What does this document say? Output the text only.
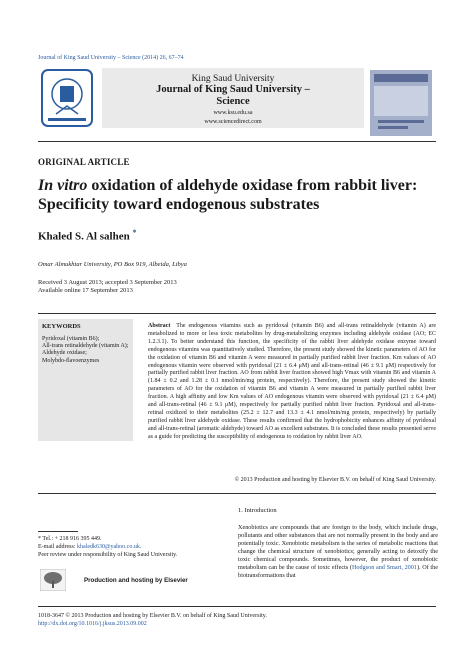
Journal of King Saud University – Science (2014) 26, 67–74
King Saud University
Journal of King Saud University –
Science
www.ksu.edu.sa
www.sciencedirect.com
ORIGINAL ARTICLE
In vitro oxidation of aldehyde oxidase from rabbit liver: Specificity toward endogenous substrates
Khaled S. Al salhen *
Omar Almukhtar University, PO Box 919, Albeida, Libya
Received 3 August 2013; accepted 3 September 2013
Available online 17 September 2013
KEYWORDS
Pyridoxal (vitamin B6);
All-trans retinaldehyde (vitamin A);
Aldehyde oxidase;
Molybdo-flavoenzymes
Abstract The endogenous vitamins such as pyridoxal (vitamin B6) and all-trans retinaldehyde (vitamin A) are metabolized to more or less toxic metabolites by drug-metabolizing enzymes including aldehyde oxidase (AO; EC 1.2.3.1). To better understand this function, the specificity of the rabbit liver aldehyde oxidase enzyme toward endogenous vitamins was quantitatively studied. Therefore, the present study showed the kinetic parameters of AO for the oxidation of vitamin B6 and vitamin A were measured in partially purified rabbit liver fraction. Km values of AO endogenous vitamin were observed with pyridoxal (21 ± 6.4 μM) and all-trans-retinal (46 ± 9.1 μM) respectively for partially purified rabbit liver fraction. AO from rabbit liver fraction showed high Vmax with vitamin B6 and vitamin A (1.84 ± 0.2 and 1.28 ± 0.1 nmol/min/mg protein, respectively). Therefore, the present study showed the kinetic parameters of AO for the oxidation of vitamin B6 and vitamin A were measured in partially purified rabbit liver fraction. A high affinity and low Km values of AO endogenous vitamin were observed with pyridoxal (21 ± 6.4 μM) and all-trans-retinal (46 ± 9.1 μM), respectively for partially purified rabbit liver fraction. Pyridoxal and all-trans-retinal oxidized to their metabolites (25.2 ± 12.7 and 13.3 ± 4.1 nmol/min/mg protein, respectively) by partially purified rabbit liver aldehyde oxidase. These results confirmed that the hydrophobicity enhances affinity of pyridoxal and all-trans-retinal (aromatic aldehyde) toward AO as excellent substrates. It is concluded these results presented serve as a guide for predicting the susceptibility of endogenous to oxidation by rabbit liver AO.
© 2013 Production and hosting by Elsevier B.V. on behalf of King Saud University.
1. Introduction
Xenobiotics are compounds that are foreign to the body, which include drugs, pollutants and other substances that are not normally present in the body and are potentially toxic. Xenobiotic metabolism is the series of metabolic reactions that change the chemical structure of xenobiotics; generally acting to detoxify the toxic chemical compounds. Sometimes, however, the product of xenobiotic metabolism can be the cause of toxic effects (Hodgson and Smart, 2001). Of the biotransformations that
* Tel.: + 218 916 395 449.
E-mail address: khaledk630@yahoo.co.uk.
Peer review under responsibility of King Saud University.
Production and hosting by Elsevier
1018-3647 © 2013 Production and hosting by Elsevier B.V. on behalf of King Saud University.
http://dx.doi.org/10.1016/j.jksus.2013.09.002
